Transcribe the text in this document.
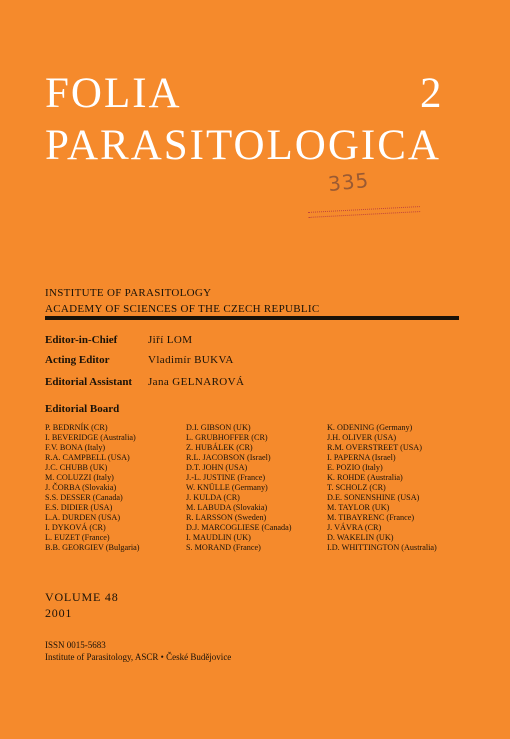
FOLIA
PARASITOLOGICA
2
335
INSTITUTE OF PARASITOLOGY
ACADEMY OF SCIENCES OF THE CZECH REPUBLIC
Editor-in-Chief	Jiří LOM
Acting Editor	Vladimír BUKVA
Editorial Assistant Jana GELNAROVÁ
Editorial Board
P. BEDRNÍK (CR)
I. BEVERIDGE (Australia)
F.V. BONA (Italy)
R.A. CAMPBELL (USA)
J.C. CHUBB (UK)
M. COLUZZI (Italy)
J. ČORBA (Slovakia)
S.S. DESSER (Canada)
E.S. DIDIER (USA)
L.A. DURDEN (USA)
I. DYKOVÁ (CR)
L. EUZET (France)
B.B. GEORGIEV (Bulgaria)
D.I. GIBSON (UK)
L. GRUBHOFFER (CR)
Z. HUBÁLEK (CR)
R.L. JACOBSON (Israel)
D.T. JOHN (USA)
J.-L. JUSTINE (France)
W. KNÜLLE (Germany)
J. KULDA (CR)
M. LABUDA (Slovakia)
R. LARSSON (Sweden)
D.J. MARCOGLIESE (Canada)
I. MAUDLIN (UK)
S. MORAND (France)
K. ODENING (Germany)
J.H. OLIVER (USA)
R.M. OVERSTREET (USA)
I. PAPERNA (Israel)
E. POZIO (Italy)
K. ROHDE (Australia)
T. SCHOLZ (CR)
D.E. SONENSHINE (USA)
M. TAYLOR (UK)
M. TIBAYRENC (France)
J. VÁVRA (CR)
D. WAKELIN (UK)
I.D. WHITTINGTON (Australia)
VOLUME 48
2001
ISSN 0015-5683
Institute of Parasitology, ASCR • České Budějovice
